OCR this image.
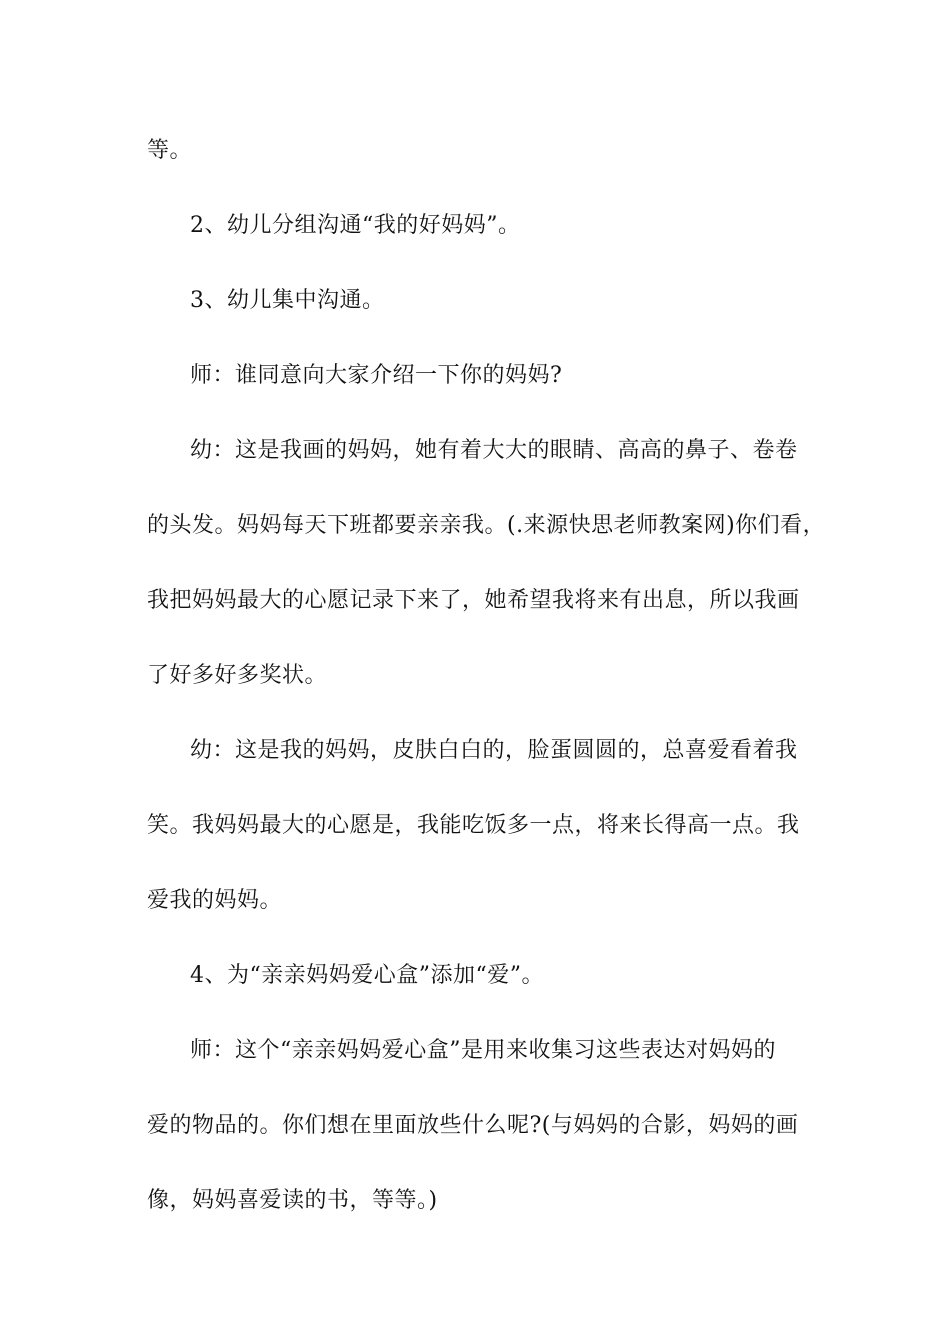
等。
2、幼儿分组沟通“我的好妈妈”。
3、幼儿集中沟通。
师：谁同意向大家介绍一下你的妈妈?
幼：这是我画的妈妈，她有着大大的眼睛、高高的鼻子、卷卷
的头发。妈妈每天下班都要亲亲我。(.来源快思老师教案网)你们看，
我把妈妈最大的心愿记录下来了，她希望我将来有出息，所以我画
了好多好多奖状。
幼：这是我的妈妈，皮肤白白的，脸蛋圆圆的，总喜爱看着我
笑。我妈妈最大的心愿是，我能吃饭多一点，将来长得高一点。我
爱我的妈妈。
4、为“亲亲妈妈爱心盒”添加“爱”。
师：这个“亲亲妈妈爱心盒”是用来收集习这些表达对妈妈的
爱的物品的。你们想在里面放些什么呢?(与妈妈的合影，妈妈的画
像，妈妈喜爱读的书，等等。)
